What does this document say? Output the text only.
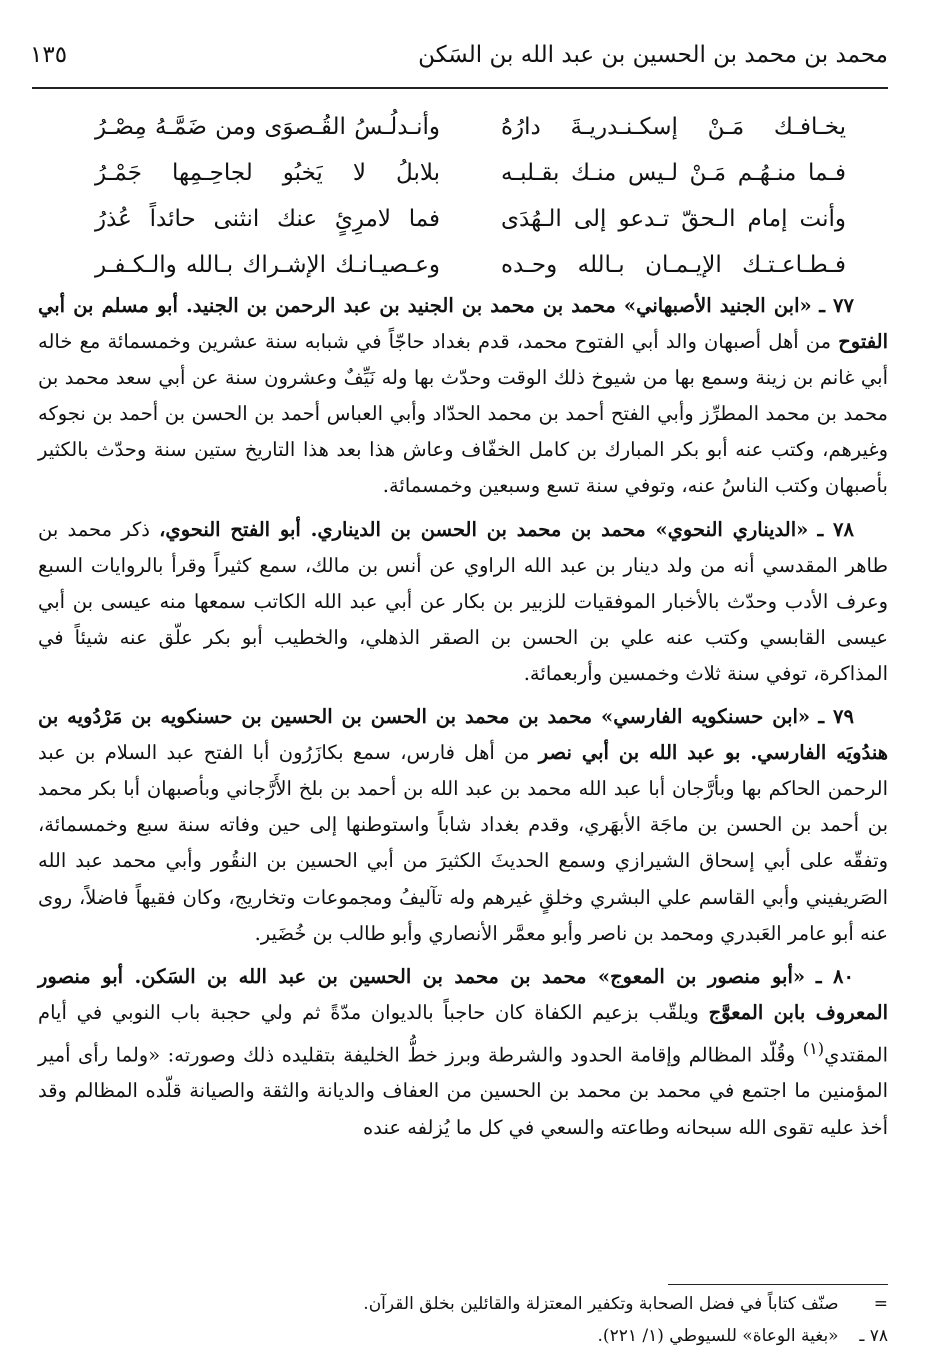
محمد بن محمد بن الحسين بن عبد الله بن السَكن
١٣٥
يخـافـك مَـنْ إسكـنـدريـةَ دارُهُ
وأنـدلُـسُ القُـصوَى ومن ضَمَّـهُ مِصْـرُ
فـما منـهُـم مَـنْ لـيس منـك بقـلبـه
بلابلُ لا يَخبُو لجاحِـمِها جَمْـرُ
وأنت إمام الـحقّ تـدعو إلى الـهُدَى
فما لامرِئٍ عنك انثنى حائداً عُذرُ
فـطـاعـتـك الإيـمـان بـالله وحـده
وعـصيـانـك الإشـراك بـالله والـكـفـر

٧٧ ـ «ابن الجنيد الأصبهاني» محمد بن محمد بن الجنيد بن عبد الرحمن بن الجنيد. أبو مسلم بن أبي الفتوح من أهل أصبهان والد أبي الفتوح محمد، قدم بغداد حاجّاً في شبابه سنة عشرين وخمسمائة مع خاله أبي غانم بن زينة وسمع بها من شيوخ ذلك الوقت وحدّث بها وله نَيِّفٌ وعشرون سنة عن أبي سعد محمد بن محمد بن محمد المطرِّز وأبي الفتح أحمد بن محمد الحدّاد وأبي العباس أحمد بن الحسن بن أحمد بن نجوكه وغيرهم، وكتب عنه أبو بكر المبارك بن كامل الخفّاف وعاش هذا بعد هذا التاريخ ستين سنة وحدّث بالكثير بأصبهان وكتب الناسُ عنه، وتوفي سنة تسع وسبعين وخمسمائة.

٧٨ ـ «الديناري النحوي» محمد بن محمد بن الحسن بن الديناري. أبو الفتح النحوي، ذكر محمد بن طاهر المقدسي أنه من ولد دينار بن عبد الله الراوي عن أنس بن مالك، سمع كثيراً وقرأ بالروايات السبع وعرف الأدب وحدّث بالأخبار الموفقيات للزبير بن بكار عن أبي عبد الله الكاتب سمعها منه عيسى بن أبي عيسى القابسي وكتب عنه علي بن الحسن بن الصقر الذهلي، والخطيب أبو بكر علّق عنه شيئاً في المذاكرة، توفي سنة ثلاث وخمسين وأربعمائة.

٧٩ ـ «ابن حسنكويه الفارسي» محمد بن محمد بن الحسن بن الحسين بن حسنكويه بن مَرْدُويه بن هندُويَه الفارسي. بو عبد الله بن أبي نصر من أهل فارس، سمع بكازَرُون أبا الفتح عبد السلام بن عبد الرحمن الحاكم بها وبأرَّجان أبا عبد الله محمد بن عبد الله بن أحمد بن بلخ الأَرَّجاني وبأصبهان أبا بكر محمد بن أحمد بن الحسن بن ماجَة الأبهَري، وقدم بغداد شاباً واستوطنها إلى حين وفاته سنة سبع وخمسمائة، وتفقّه على أبي إسحاق الشيرازي وسمع الحديثَ الكثيرَ من أبي الحسين بن النقُور وأبي محمد عبد الله الصَريفيني وأبي القاسم علي البشري وخلقٍ غيرهم وله تآليفُ ومجموعات وتخاريج، وكان فقيهاً فاضلاً، روى عنه أبو عامر العَبدري ومحمد بن ناصر وأبو معمَّر الأنصاري وأبو طالب بن خُضَير.

٨٠ ـ «أبو منصور بن المعوج» محمد بن محمد بن الحسين بن عبد الله بن السَكن. أبو منصور المعروف بابن المعوَّج ويلقّب بزعيم الكفاة كان حاجباً بالديوان مدّةً ثم ولي حجبة باب النوبي في أيام المقتدي$^{(١)}$ وقُلّد المظالم وإقامة الحدود والشرطة وبرز خطُّ الخليفة بتقليده ذلك وصورته: «ولما رأى أمير المؤمنين ما اجتمع في محمد بن محمد بن الحسين من العفاف والديانة والثقة والصيانة قلّده المظالم وقد أخذ عليه تقوى الله سبحانه وطاعته والسعي في كل ما يُزلفه عنده

= صنّف كتاباً في فضل الصحابة وتكفير المعتزلة والقائلين بخلق القرآن.
٧٨ ـ «بغية الوعاة» للسيوطي (١/ ٢٢١).
